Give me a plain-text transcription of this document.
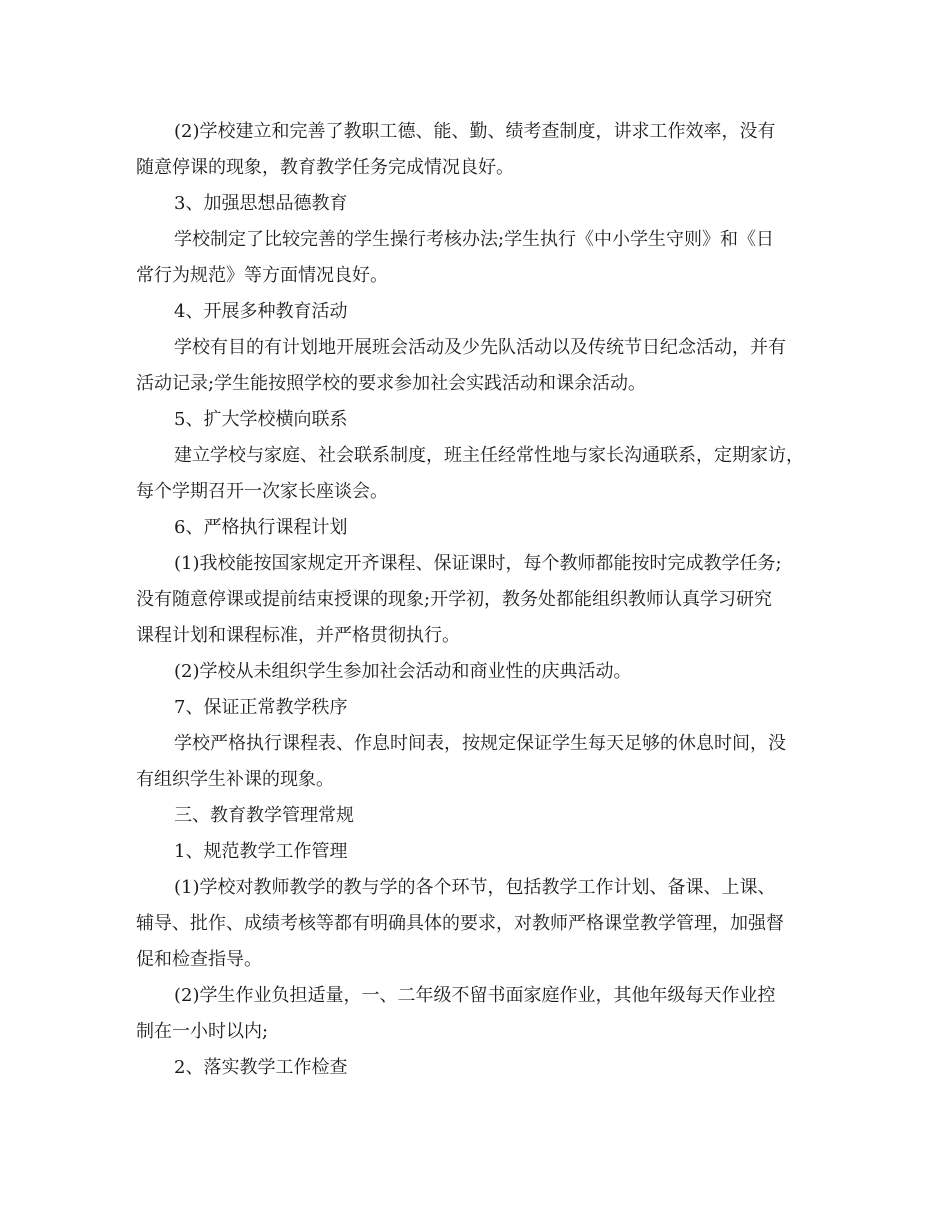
(2)学校建立和完善了教职工德、能、勤、绩考查制度，讲求工作效率，没有
随意停课的现象，教育教学任务完成情况良好。
3、加强思想品德教育
学校制定了比较完善的学生操行考核办法;学生执行《中小学生守则》和《日
常行为规范》等方面情况良好。
4、开展多种教育活动
学校有目的有计划地开展班会活动及少先队活动以及传统节日纪念活动，并有
活动记录;学生能按照学校的要求参加社会实践活动和课余活动。
5、扩大学校横向联系
建立学校与家庭、社会联系制度，班主任经常性地与家长沟通联系，定期家访，
每个学期召开一次家长座谈会。
6、严格执行课程计划
(1)我校能按国家规定开齐课程、保证课时，每个教师都能按时完成教学任务;
没有随意停课或提前结束授课的现象;开学初，教务处都能组织教师认真学习研究
课程计划和课程标准，并严格贯彻执行。
(2)学校从未组织学生参加社会活动和商业性的庆典活动。
7、保证正常教学秩序
学校严格执行课程表、作息时间表，按规定保证学生每天足够的休息时间，没
有组织学生补课的现象。
三、教育教学管理常规
1、规范教学工作管理
(1)学校对教师教学的教与学的各个环节，包括教学工作计划、备课、上课、
辅导、批作、成绩考核等都有明确具体的要求，对教师严格课堂教学管理，加强督
促和检查指导。
(2)学生作业负担适量，一、二年级不留书面家庭作业，其他年级每天作业控
制在一小时以内;
2、落实教学工作检查
